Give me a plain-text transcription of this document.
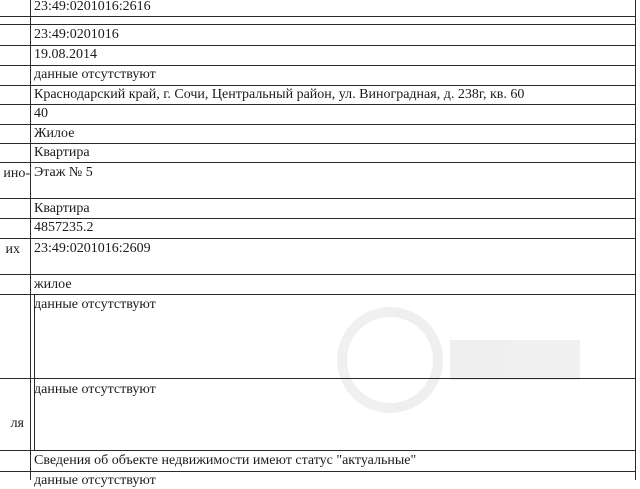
ино-
их
ля
23:49:0201016:2616
23:49:0201016
19.08.2014
данные отсутствуют
Краснодарский край, г. Сочи, Центральный район, ул. Виноградная, д. 238г, кв. 60
40
Жилое
Квартира
Этаж № 5
Квартира
4857235.2
23:49:0201016:2609
жилое
данные отсутствуют
данные отсутствуют
Сведения об объекте недвижимости имеют статус "актуальные"
данные отсутствуют
